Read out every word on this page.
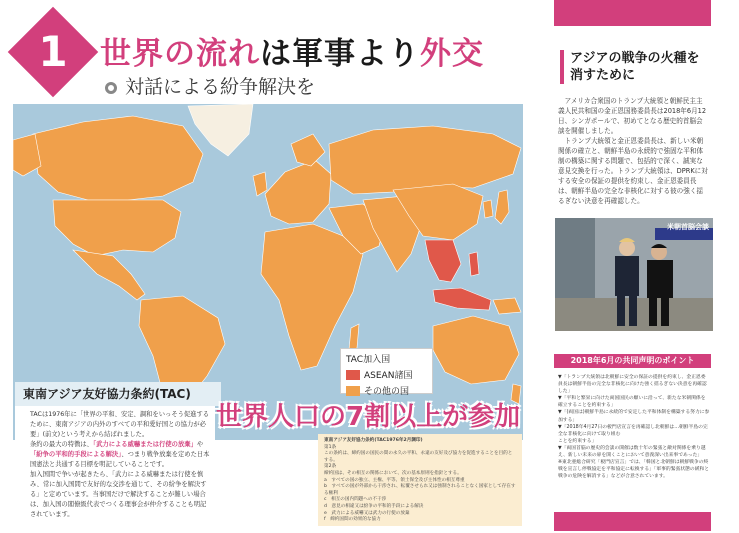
1	世界の流れは軍事より外交
対話による紛争解決を
TAC加入国
ASEAN諸国
その他の国
東南アジア友好協力条約(TAC)
TACは1976年に「世界の平和、安定、調和をいっそう促進するために、東南アジアの内外のすべての平和愛好国との協力が必要」(前文)という考えから結ばれました。
条約の最大の特徴は、「武力による威嚇または行使の放棄」や「紛争の平和的手段による解決」、つまり戦争放棄を定めた日本国憲法と共通する目標を明記していることです。
加入国間で争いが起きたら、「武力による威嚇または行使を慎み、常に加入国間で友好的な交渉を通じて、その紛争を解決する」と定めています。当事国だけで解決することが難しい場合は、加入国の閣僚級代表でつくる理事会が仲介することも明記されています。
世界人口の7割以上が参加
東南アジア友好協力条約(TAC1976年2月調印)
第1条
この条約は、締約国の国民の間の永久の平和、永遠の友好及び協力を促進することを目的とする。
第2条
締約国は、その相互の関係において、次の基本原則を指針とする。
a　すべての国の独立、主権、平等、領土保全及び主体性の相互尊重
b　すべての国が外部から干渉され、転覆させられ又は強制されることなく国家として存在する権利
c　相互の国内問題への不干渉
d　意見の相違又は紛争の平和的手段による解決
e　武力による威嚇又は武力の行使の放棄
f　締約国間の効果的な協力
アジアの戦争の火種を
消すために
アメリカ合衆国のトランプ大統領と朝鮮民主主義人民共和国の金正恩国務委員長は2018年6月12日、シンガポールで、初めてとなる歴史的首脳会談を開催しました。
トランプ大統領と金正恩委員長は、新しい米朝関係の確立と、朝鮮半島の永続的で強固な平和体制の構築に関する問題で、包括的で深く、誠実な意見交換を行った。トランプ大統領は、DPRKに対する安全の保証の提供を約束し、金正恩委員長は、朝鮮半島の完全な非核化に対する彼の強く揺るぎない決意を再確認した。
米朝首脳会談
2018年6月の共同声明のポイント
▼「トランプ大統領は北朝鮮に安全の保証の提供を約束し、金正恩委員長は朝鮮半島の完全な非核化に向けた強く揺るぎない決意を再確認した」
▼「平和と繁栄に向けた両国国民の願いに沿って、新たな米朝関係を確立することを約束する」
▼「(両国は)朝鮮半島に永続的で安定した平和体制を構築する努力に参加する」
▼「2018年4月27日の板門店宣言を再確認し北朝鮮は…朝鮮半島の完全な非核化に向けて取り組む
ことを約束する」
▼「両国首脳の歴史的会談の開催は数十年の緊張と敵対関係を乗り越え、新しい未来の扉を開くことにおいて意義深い出来事であった」
※東北亜総合研究「板門店宣言」では、「韓国と北朝鮮は朝鮮戦争の終戦を宣言し停戦協定を平和協定に転換する」「軍事的緊張状態の緩和と戦争の危険を解消する」などが合意されています。
